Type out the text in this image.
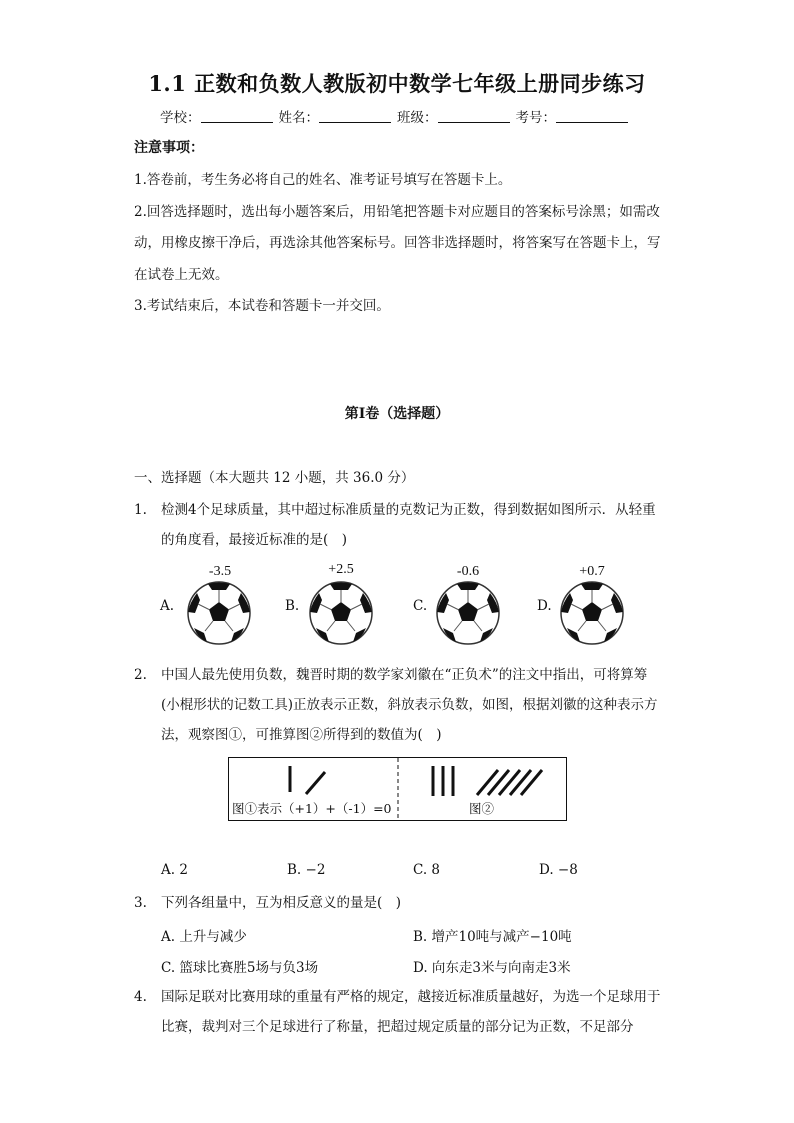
1.1 正数和负数人教版初中数学七年级上册同步练习
学校：	姓名：	班级：	考号：
注意事项：
1.答卷前，考生务必将自己的姓名、准考证号填写在答题卡上。
2.回答选择题时，选出每小题答案后，用铅笔把答题卡对应题目的答案标号涂黑；如需改动，用橡皮擦干净后，再选涂其他答案标号。回答非选择题时，将答案写在答题卡上，写在试卷上无效。
3.考试结束后，本试卷和答题卡一并交回。
第Ⅰ卷（选择题）
一、选择题（本大题共 12 小题，共 36.0 分）
1. 检测4个足球质量，其中超过标准质量的克数记为正数，得到数据如图所示．从轻重的角度看，最接近标准的是(　)
A.
-3.5
B.
+2.5
C.
-0.6
D.
+0.7
2. 中国人最先使用负数，魏晋时期的数学家刘徽在“正负术”的注文中指出，可将算筹(小棍形状的记数工具)正放表示正数，斜放表示负数，如图，根据刘徽的这种表示方法，观察图①，可推算图②所得到的数值为(　)
图①表示（+1）+（-1）=0	图②
A. 2	B. −2	C. 8	D. −8
3. 下列各组量中，互为相反意义的量是(　)
A. 上升与减少	B. 增产10吨与减产−10吨
C. 篮球比赛胜5场与负3场	D. 向东走3米与向南走3米
4. 国际足联对比赛用球的重量有严格的规定，越接近标准质量越好，为选一个足球用于比赛，裁判对三个足球进行了称量，把超过规定质量的部分记为正数，不足部分
